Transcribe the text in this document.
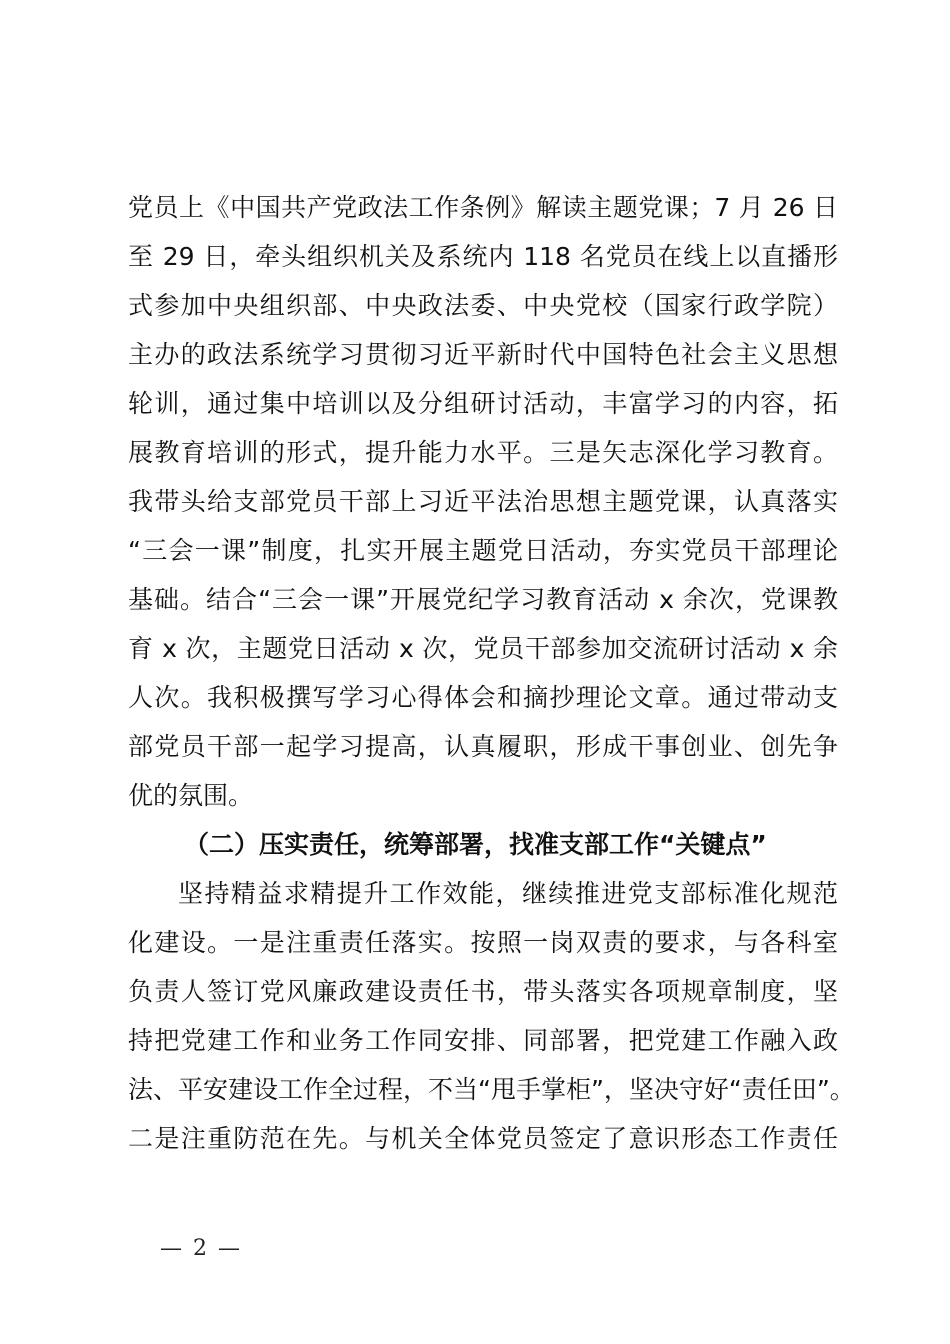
党员上《中国共产党政法工作条例》解读主题党课；7 月 26 日
至 29 日，牵头组织机关及系统内 118 名党员在线上以直播形
式参加中央组织部、中央政法委、中央党校（国家行政学院）
主办的政法系统学习贯彻习近平新时代中国特色社会主义思想
轮训，通过集中培训以及分组研讨活动，丰富学习的内容，拓
展教育培训的形式，提升能力水平。三是矢志深化学习教育。
我带头给支部党员干部上习近平法治思想主题党课，认真落实
“三会一课”制度，扎实开展主题党日活动，夯实党员干部理论
基础。结合“三会一课”开展党纪学习教育活动 x 余次，党课教
育 x 次，主题党日活动 x 次，党员干部参加交流研讨活动 x 余
人次。我积极撰写学习心得体会和摘抄理论文章。通过带动支
部党员干部一起学习提高，认真履职，形成干事创业、创先争
优的氛围。
（二）压实责任，统筹部署，找准支部工作“关键点”
坚持精益求精提升工作效能，继续推进党支部标准化规范
化建设。一是注重责任落实。按照一岗双责的要求，与各科室
负责人签订党风廉政建设责任书，带头落实各项规章制度，坚
持把党建工作和业务工作同安排、同部署，把党建工作融入政
法、平安建设工作全过程，不当“甩手掌柜”，坚决守好“责任田”。
二是注重防范在先。与机关全体党员签定了意识形态工作责任
— 2 —
